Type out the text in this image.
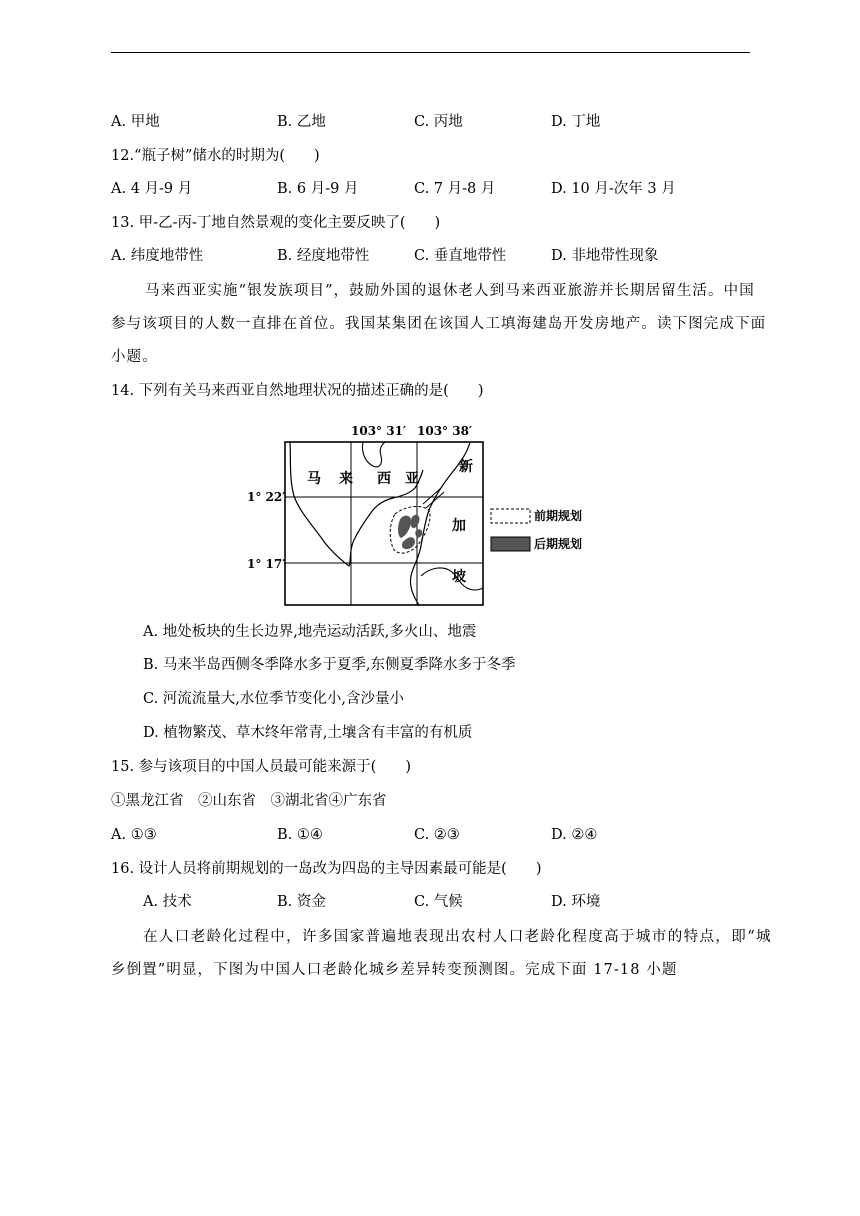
A. 甲地	B. 乙地	C. 丙地	D. 丁地
12.“瓶子树”储水的时期为(　　)
A. 4 月-9 月	B. 6 月-9 月	C. 7 月-8 月	D. 10 月-次年 3 月
13. 甲-乙-丙-丁地自然景观的变化主要反映了(　　)
A. 纬度地带性	B. 经度地带性	C. 垂直地带性	D. 非地带性现象
马来西亚实施“银发族项目”，鼓励外国的退休老人到马来西亚旅游并长期居留生活。中国
参与该项目的人数一直排在首位。我国某集团在该国人工填海建岛开发房地产。读下图完成下面
小题。
14. 下列有关马来西亚自然地理状况的描述正确的是(　　)
103° 31′ 103° 38′
1° 22′
1° 17′
马 来 西 亚
新
加
坡
前期规划
后期规划
A. 地处板块的生长边界,地壳运动活跃,多火山、地震
B. 马来半岛西侧冬季降水多于夏季,东侧夏季降水多于冬季
C. 河流流量大,水位季节变化小,含沙量小
D. 植物繁茂、草木终年常青,土壤含有丰富的有机质
15. 参与该项目的中国人员最可能来源于(　　)
①黑龙江省　②山东省　③湖北省④广东省
A. ①③	B. ①④	C. ②③	D. ②④
16. 设计人员将前期规划的一岛改为四岛的主导因素最可能是(　　)
A. 技术	B. 资金	C. 气候	D. 环境
在人口老龄化过程中，许多国家普遍地表现出农村人口老龄化程度高于城市的特点，即“城
乡倒置”明显，下图为中国人口老龄化城乡差异转变预测图。完成下面 17-18 小题
